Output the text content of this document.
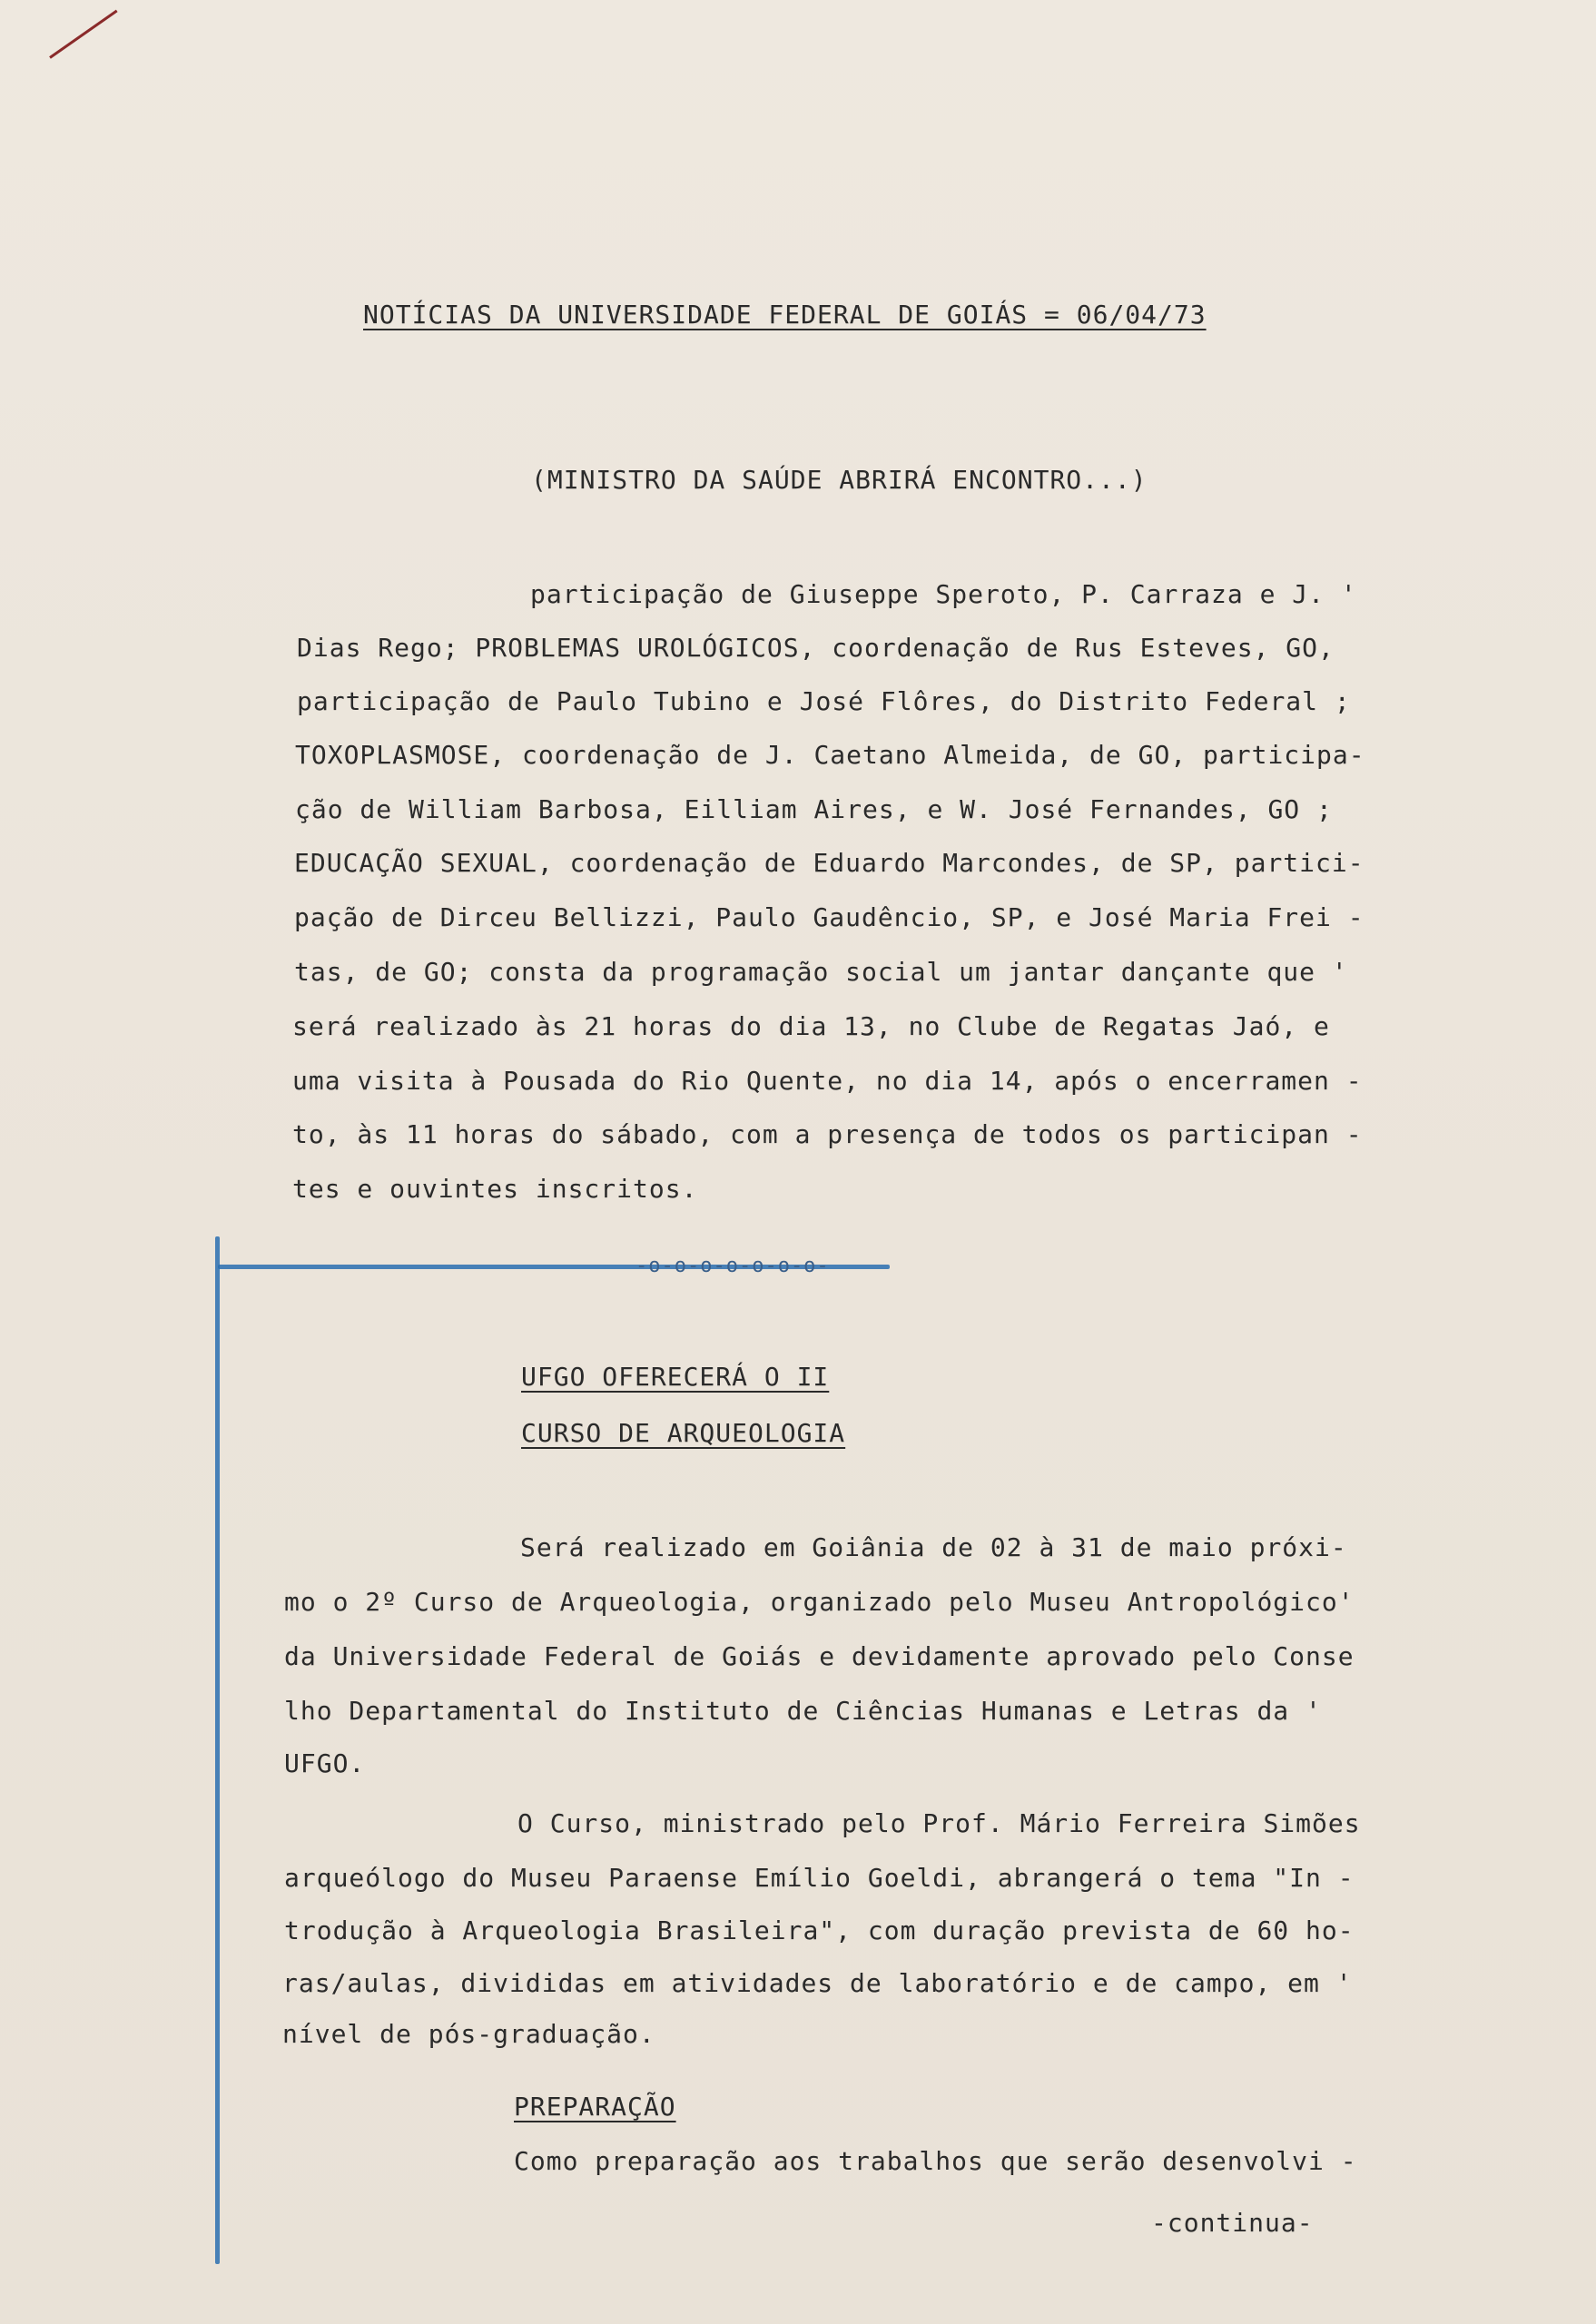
NOTÍCIAS DA UNIVERSIDADE FEDERAL DE GOIÁS = 06/04/73
(MINISTRO DA SAÚDE ABRIRÁ ENCONTRO...)
participação de Giuseppe Speroto, P. Carraza e J. '
Dias Rego; PROBLEMAS UROLÓGICOS, coordenação de Rus Esteves, GO,
participação de Paulo Tubino e José Flôres, do Distrito Federal ;
TOXOPLASMOSE, coordenação de J. Caetano Almeida, de GO, participa-
ção de William Barbosa, Eilliam Aires, e W. José Fernandes, GO ;
EDUCAÇÃO SEXUAL, coordenação de Eduardo Marcondes, de SP, partici-
pação de Dirceu Bellizzi, Paulo Gaudêncio, SP, e José Maria Frei -
tas, de GO; consta da programação social um jantar dançante que '
será realizado às 21 horas do dia 13, no Clube de Regatas Jaó, e
uma visita à Pousada do Rio Quente, no dia 14, após o encerramen -
to, às 11 horas do sábado, com a presença de todos os participan -
tes e ouvintes inscritos.
-o-o-o-o-o-o-o-
UFGO OFERECERÁ O II
CURSO DE ARQUEOLOGIA
Será realizado em Goiânia de 02 à 31 de maio próxi-
mo o 2º Curso de Arqueologia, organizado pelo Museu Antropológico'
da Universidade Federal de Goiás e devidamente aprovado pelo Conse
lho Departamental do Instituto de Ciências Humanas e Letras da '
UFGO.
O Curso, ministrado pelo Prof. Mário Ferreira Simões
arqueólogo do Museu Paraense Emílio Goeldi, abrangerá o tema "In -
trodução à Arqueologia Brasileira", com duração prevista de 60 ho-
ras/aulas, divididas em atividades de laboratório e de campo, em '
nível de pós-graduação.
PREPARAÇÃO
Como preparação aos trabalhos que serão desenvolvi -
-continua-
